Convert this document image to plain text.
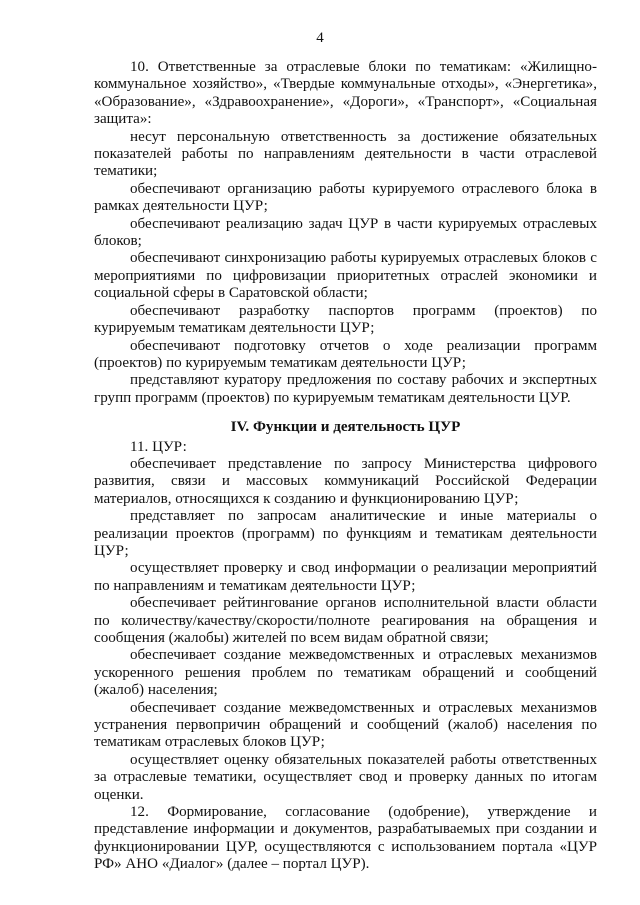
4

10. Ответственные за отраслевые блоки по тематикам: «Жилищно-коммунальное хозяйство», «Твердые коммунальные отходы», «Энергетика», «Образование», «Здравоохранение», «Дороги», «Транспорт», «Социальная защита»:

несут персональную ответственность за достижение обязательных показателей работы по направлениям деятельности в части отраслевой тематики;

обеспечивают организацию работы курируемого отраслевого блока в рамках деятельности ЦУР;

обеспечивают реализацию задач ЦУР в части курируемых отраслевых блоков;

обеспечивают синхронизацию работы курируемых отраслевых блоков с мероприятиями по цифровизации приоритетных отраслей экономики и социальной сферы в Саратовской области;

обеспечивают разработку паспортов программ (проектов) по курируемым тематикам деятельности ЦУР;

обеспечивают подготовку отчетов о ходе реализации программ (проектов) по курируемым тематикам деятельности ЦУР;

представляют куратору предложения по составу рабочих и экспертных групп программ (проектов) по курируемым тематикам деятельности ЦУР.

IV. Функции и деятельность ЦУР

11. ЦУР:

обеспечивает представление по запросу Министерства цифрового развития, связи и массовых коммуникаций Российской Федерации материалов, относящихся к созданию и функционированию ЦУР;

представляет по запросам аналитические и иные материалы о реализации проектов (программ) по функциям и тематикам деятельности ЦУР;

осуществляет проверку и свод информации о реализации мероприятий по направлениям и тематикам деятельности ЦУР;

обеспечивает рейтингование органов исполнительной власти области по количеству/качеству/скорости/полноте реагирования на обращения и сообщения (жалобы) жителей по всем видам обратной связи;

обеспечивает создание межведомственных и отраслевых механизмов ускоренного решения проблем по тематикам обращений и сообщений (жалоб) населения;

обеспечивает создание межведомственных и отраслевых механизмов устранения первопричин обращений и сообщений (жалоб) населения по тематикам отраслевых блоков ЦУР;

осуществляет оценку обязательных показателей работы ответственных за отраслевые тематики, осуществляет свод и проверку данных по итогам оценки.

12. Формирование, согласование (одобрение), утверждение и представление информации и документов, разрабатываемых при создании и функционировании ЦУР, осуществляются с использованием портала «ЦУР РФ» АНО «Диалог» (далее – портал ЦУР).
